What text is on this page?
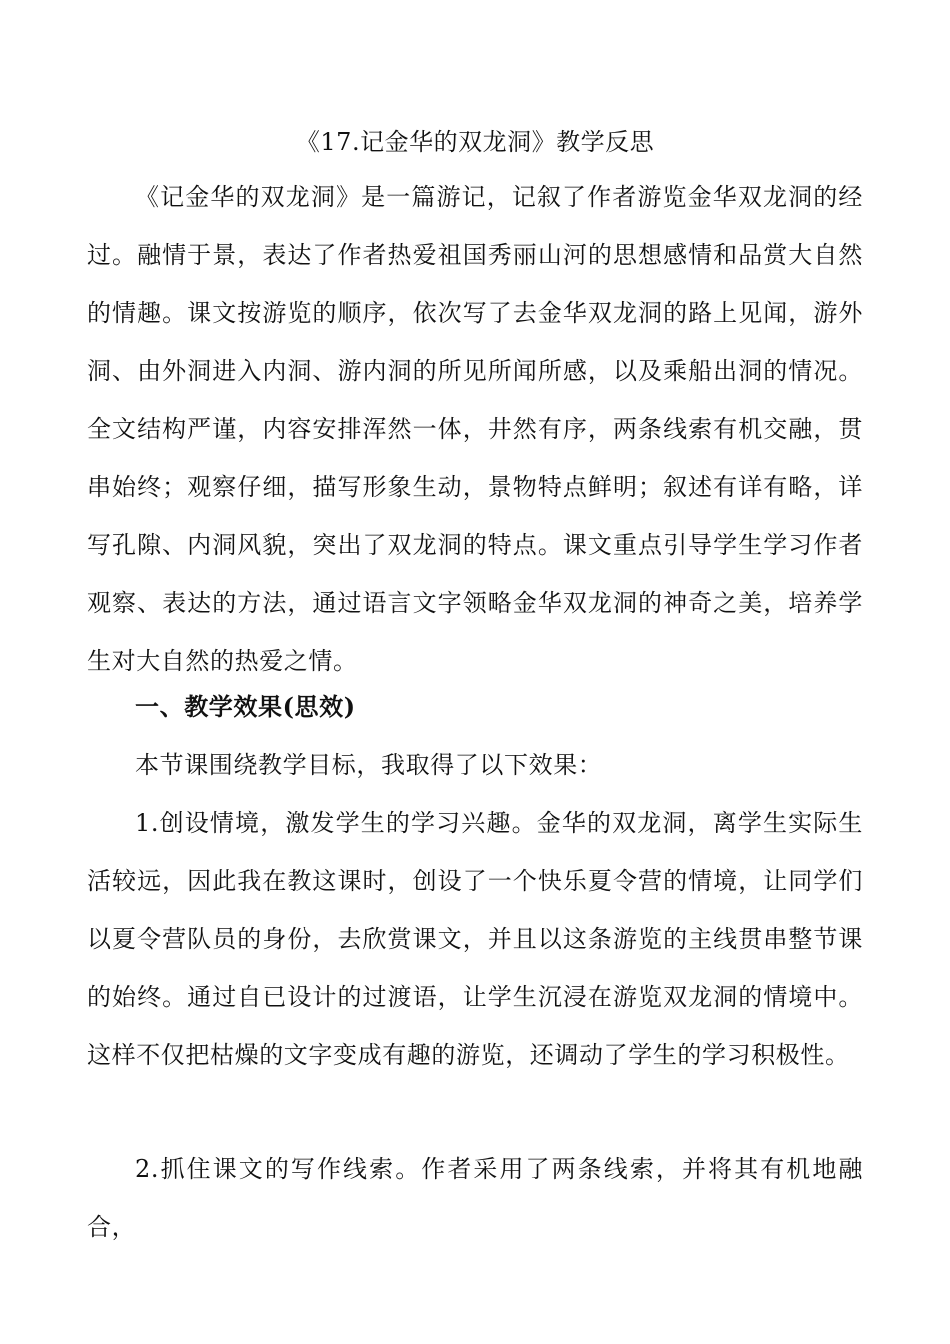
《17.记金华的双龙洞》教学反思
《记金华的双龙洞》是一篇游记，记叙了作者游览金华双龙洞的经过。融情于景，表达了作者热爱祖国秀丽山河的思想感情和品赏大自然的情趣。课文按游览的顺序，依次写了去金华双龙洞的路上见闻，游外洞、由外洞进入内洞、游内洞的所见所闻所感，以及乘船出洞的情况。全文结构严谨，内容安排浑然一体，井然有序，两条线索有机交融，贯串始终；观察仔细，描写形象生动，景物特点鲜明；叙述有详有略，详写孔隙、内洞风貌，突出了双龙洞的特点。课文重点引导学生学习作者观察、表达的方法，通过语言文字领略金华双龙洞的神奇之美，培养学生对大自然的热爱之情。
一、教学效果(思效)
本节课围绕教学目标，我取得了以下效果：
1.创设情境，激发学生的学习兴趣。金华的双龙洞，离学生实际生活较远，因此我在教这课时，创设了一个快乐夏令营的情境，让同学们以夏令营队员的身份，去欣赏课文，并且以这条游览的主线贯串整节课的始终。通过自已设计的过渡语，让学生沉浸在游览双龙洞的情境中。这样不仅把枯燥的文字变成有趣的游览，还调动了学生的学习积极性。
2.抓住课文的写作线索。作者采用了两条线索，并将其有机地融合，
